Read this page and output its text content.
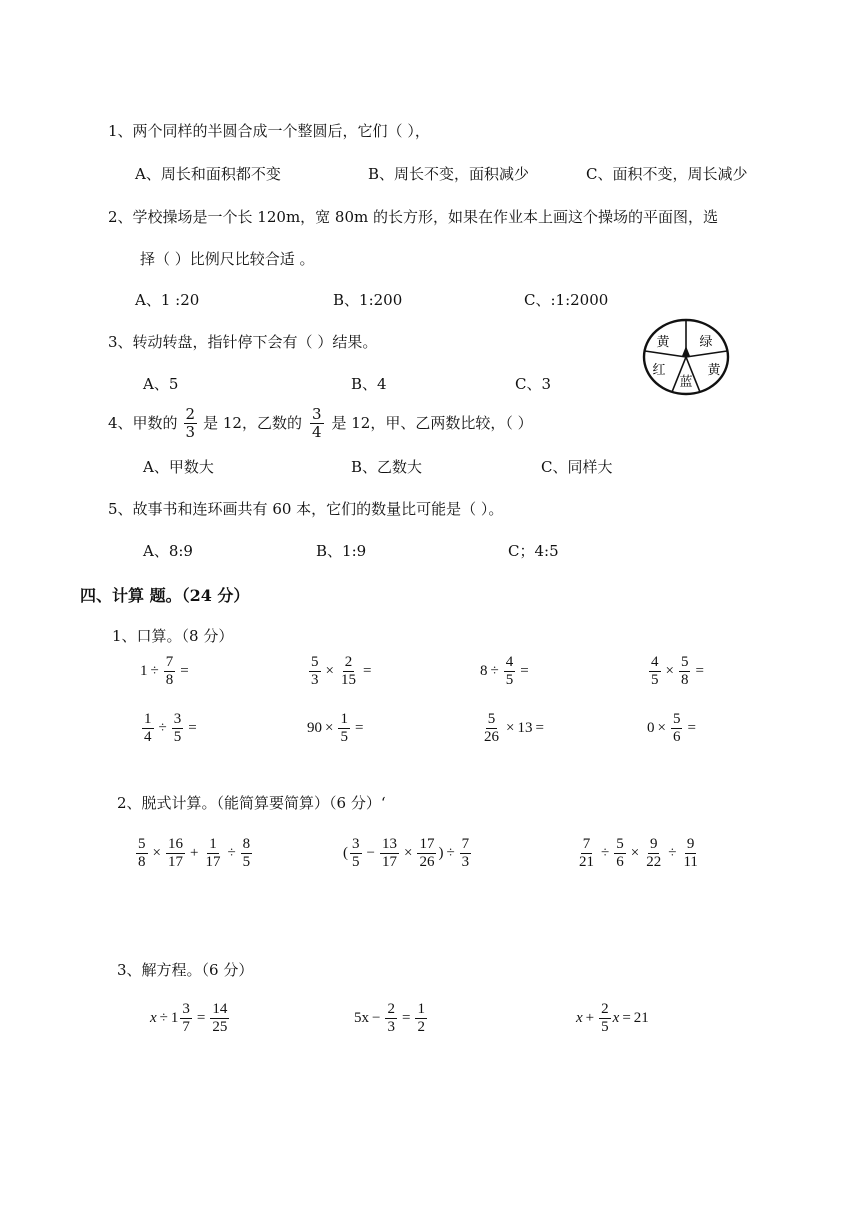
1、两个同样的半圆合成一个整圆后，它们（ ），
A、周长和面积都不变	B、周长不变，面积减少	C、面积不变，周长减少
2、学校操场是一个长 120m，宽 80m 的长方形，如果在作业本上画这个操场的平面图，选
择（ ）比例尺比较合适 。
A、1 :20	B、1:200	C、:1:2000
3、转动转盘，指针停下会有（ ）结果。
A、5	B、4	C、3
黄 绿
黄
红
蓝
4、甲数的 $\frac{2}{3}$ 是 12，乙数的 $\frac{3}{4}$ 是 12，甲、乙两数比较，（ ）
A、甲数大	B、乙数大	C、同样大
5、故事书和连环画共有 60 本，它们的数量比可能是（ ）。
A、8:9	B、1:9	C；4:5
四、计算 题。（24 分）
1、口算。（8 分）
$1 \div \frac{7}{8}$ =	$\frac{5}{3} \times \frac{2}{15}$ =	$8 \div \frac{4}{5}$ =	$\frac{4}{5} \times \frac{5}{8}$ =
$\frac{1}{4} \div \frac{3}{5}$ =	$90 \times \frac{1}{5}$ =	$\frac{5}{26} \times 13$ =	$0 \times \frac{5}{6}$ =
2、脱式计算。（能简算要简算）（6 分）‘
$\frac{5}{8} \times \frac{16}{17} + \frac{1}{17} \div \frac{8}{5}$	( $\frac{3}{5} - \frac{13}{17} \times \frac{17}{26}$ ) ÷ $\frac{7}{3}$	$\frac{7}{21} \div \frac{5}{6} \times \frac{9}{22} \div \frac{9}{11}$
3、解方程。（6 分）
$x \div 1 \frac{3}{7} = \frac{14}{25}$	$5x - \frac{2}{3} = \frac{1}{2}$	$x + \frac{2}{5}$ x = 21
